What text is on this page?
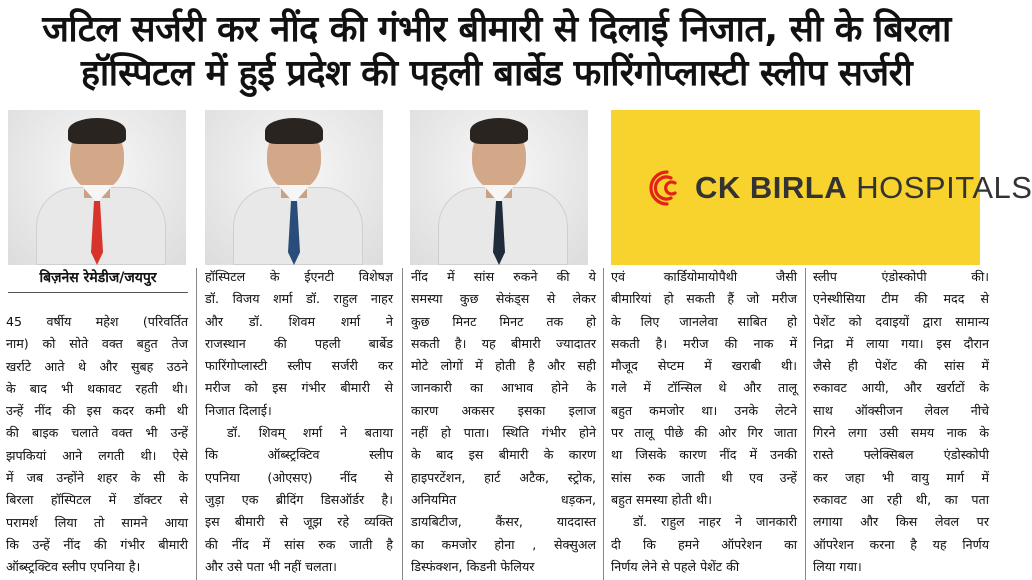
जटिल सर्जरी कर नींद की गंभीर बीमारी से दिलाई निजात, सी के बिरला
हॉस्पिटल में हुई प्रदेश की पहली बार्बेड फारिंगोप्लास्टी स्लीप सर्जरी
CK BIRLA HOSPITALS
बिज़नेस रेमेडीज/जयपुर

45 वर्षीय महेश (परिवर्तित

नाम) को सोते वक्त बहुत तेज

खर्राटे आते थे और सुबह उठने

के बाद भी थकावट रहती थी।

उन्हें नींद की इस कदर कमी थी

की बाइक चलाते वक्त भी उन्हें

झपकियां आने लगती थी। ऐसे

में जब उन्होंने शहर के सी के

बिरला हॉस्पिटल में डॉक्टर से

परामर्श लिया तो सामने आया

कि उन्हें नींद की गंभीर बीमारी

ऑब्स्ट्रक्टिव स्लीप एपनिया है।

हॉस्पिटल के ईएनटी विशेषज्ञ

डॉ. विजय शर्मा डॉ. राहुल नाहर

और डॉ. शिवम शर्मा ने

राजस्थान की पहली बार्बेड

फारिंगोप्लास्टी स्लीप सर्जरी कर

मरीज को इस गंभीर बीमारी से

निजात दिलाई।

डॉ. शिवम् शर्मा ने बताया

कि ऑब्स्ट्रक्टिव स्लीप

एपनिया (ओएसए) नींद से

जुड़ा एक ब्रीदिंग डिसऑर्डर है।

इस बीमारी से जूझ रहे व्यक्ति

की नींद में सांस रुक जाती है

और उसे पता भी नहीं चलता।

नींद में सांस रुकने की ये

समस्या कुछ सेकंड्स से लेकर

कुछ मिनट मिनट तक हो

सकती है। यह बीमारी ज्यादातर

मोटे लोगों में होती है और सही

जानकारी का आभाव होने के

कारण अकसर इसका इलाज

नहीं हो पाता। स्थिति गंभीर होने

के बाद इस बीमारी के कारण

हाइपरटेंशन, हार्ट अटैक, स्ट्रोक,

अनियमित धड़कन,

डायबिटीज, कैंसर, याददास्त

का कमजोर होना , सेक्सुअल

डिस्फंक्शन, किडनी फेलियर

एवं कार्डियोमायोपैथी जैसी

बीमारियां हो सकती हैं जो मरीज

के लिए जानलेवा साबित हो

सकती है। मरीज की नाक में

मौजूद सेप्टम में खराबी थी।

गले में टॉन्सिल थे और तालू

बहुत कमजोर था। उनके लेटने

पर तालू पीछे की ओर गिर जाता

था जिसके कारण नींद में उनकी

सांस रुक जाती थी एव उन्हें

बहुत समस्या होती थी।

डॉ. राहुल नाहर ने जानकारी

दी कि हमने ऑपरेशन का

निर्णय लेने से पहले पेशेंट की

स्लीप एंडोस्कोपी की।

एनेस्थीसिया टीम की मदद से

पेशेंट को दवाइयों द्वारा सामान्य

निद्रा में लाया गया। इस दौरान

जैसे ही पेशेंट की सांस में

रुकावट आयी, और खर्राटों के

साथ ऑक्सीजन लेवल नीचे

गिरने लगा उसी समय नाक के

रास्ते फ्लेक्सिबल एंडोस्कोपी

कर जहा भी वायु मार्ग में

रुकावट आ रही थी, का पता

लगाया और किस लेवल पर

ऑपरेशन करना है यह निर्णय

लिया गया।
